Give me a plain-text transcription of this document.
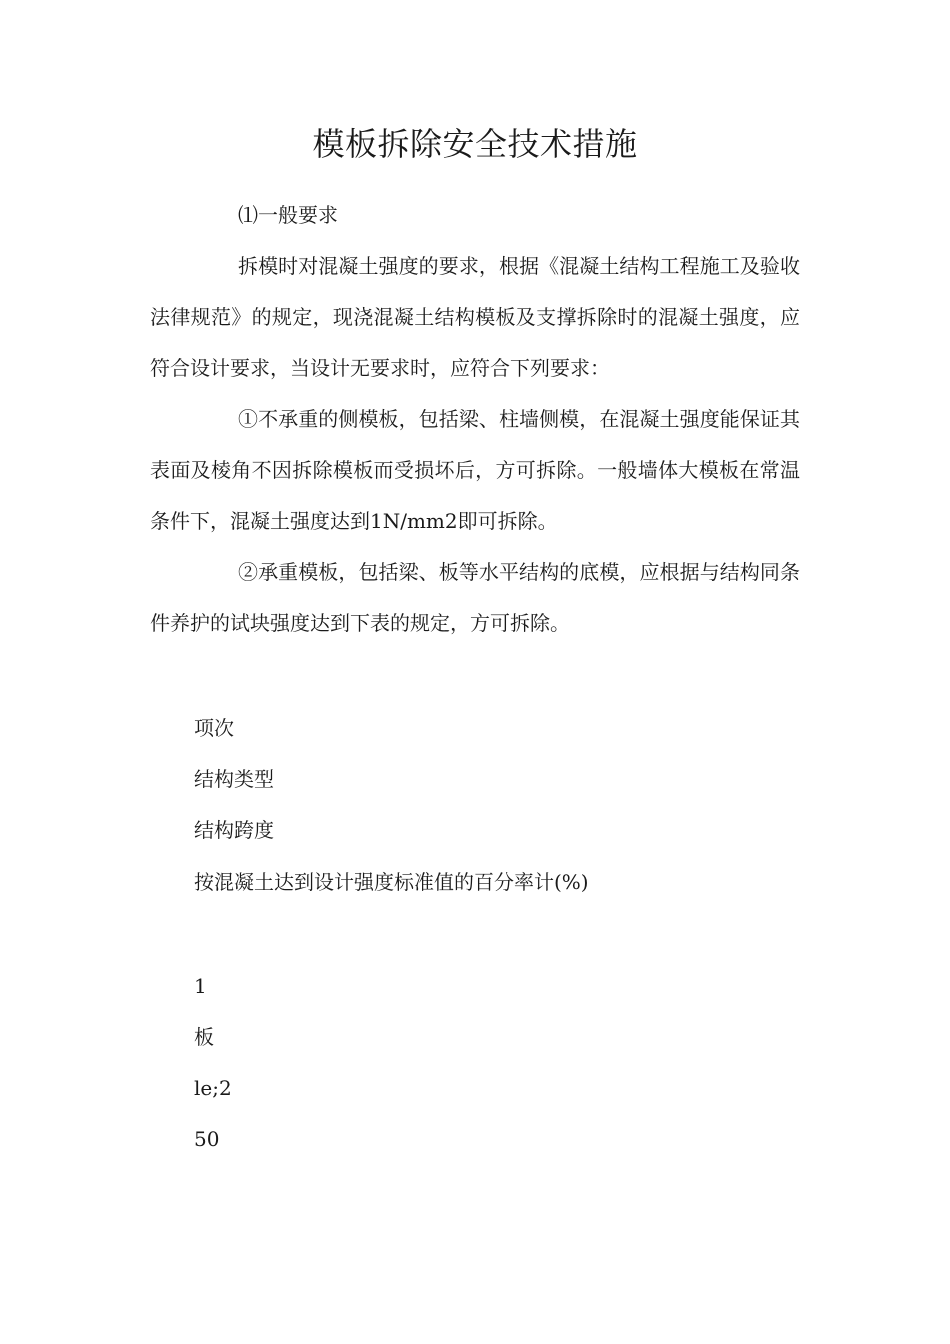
模板拆除安全技术措施

⑴一般要求

拆模时对混凝土强度的要求，根据《混凝土结构工程施工及验收法律规范》的规定，现浇混凝土结构模板及支撑拆除时的混凝土强度，应符合设计要求，当设计无要求时，应符合下列要求：

①不承重的侧模板，包括梁、柱墙侧模，在混凝土强度能保证其表面及棱角不因拆除模板而受损坏后，方可拆除。一般墙体大模板在常温条件下，混凝土强度达到1N/mm2即可拆除。

②承重模板，包括梁、板等水平结构的底模，应根据与结构同条件养护的试块强度达到下表的规定，方可拆除。

项次
结构类型
结构跨度
按混凝土达到设计强度标准值的百分率计(%)
1
板
le;2
50
